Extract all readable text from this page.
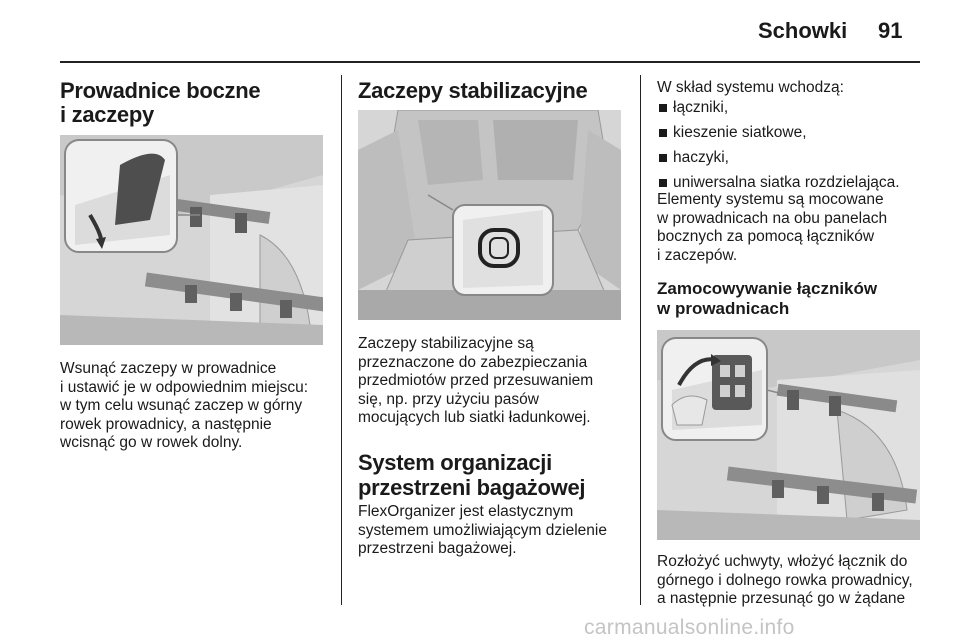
Schowki 91
Prowadnice boczne
i zaczepy

Wsunąć zaczepy w prowadnice
i ustawić je w odpowiednim miejscu:
w tym celu wsunąć zaczep w górny
rowek prowadnicy, a następnie
wcisnąć go w rowek dolny.

Zaczepy stabilizacyjne

Zaczepy stabilizacyjne są
przeznaczone do zabezpieczania
przedmiotów przed przesuwaniem
się, np. przy użyciu pasów
mocujących lub siatki ładunkowej.

System organizacji
przestrzeni bagażowej

FlexOrganizer jest elastycznym
systemem umożliwiającym dzielenie
przestrzeni bagażowej.

W skład systemu wchodzą:

łączniki,
kieszenie siatkowe,
haczyki,
uniwersalna siatka rozdzielająca.

Elementy systemu są mocowane
w prowadnicach na obu panelach
bocznych za pomocą łączników
i zaczepów.

Zamocowywanie łączników
w prowadnicach

Rozłożyć uchwyty, włożyć łącznik do
górnego i dolnego rowka prowadnicy,
a następnie przesunąć go w żądane

carmanualsonline.info
